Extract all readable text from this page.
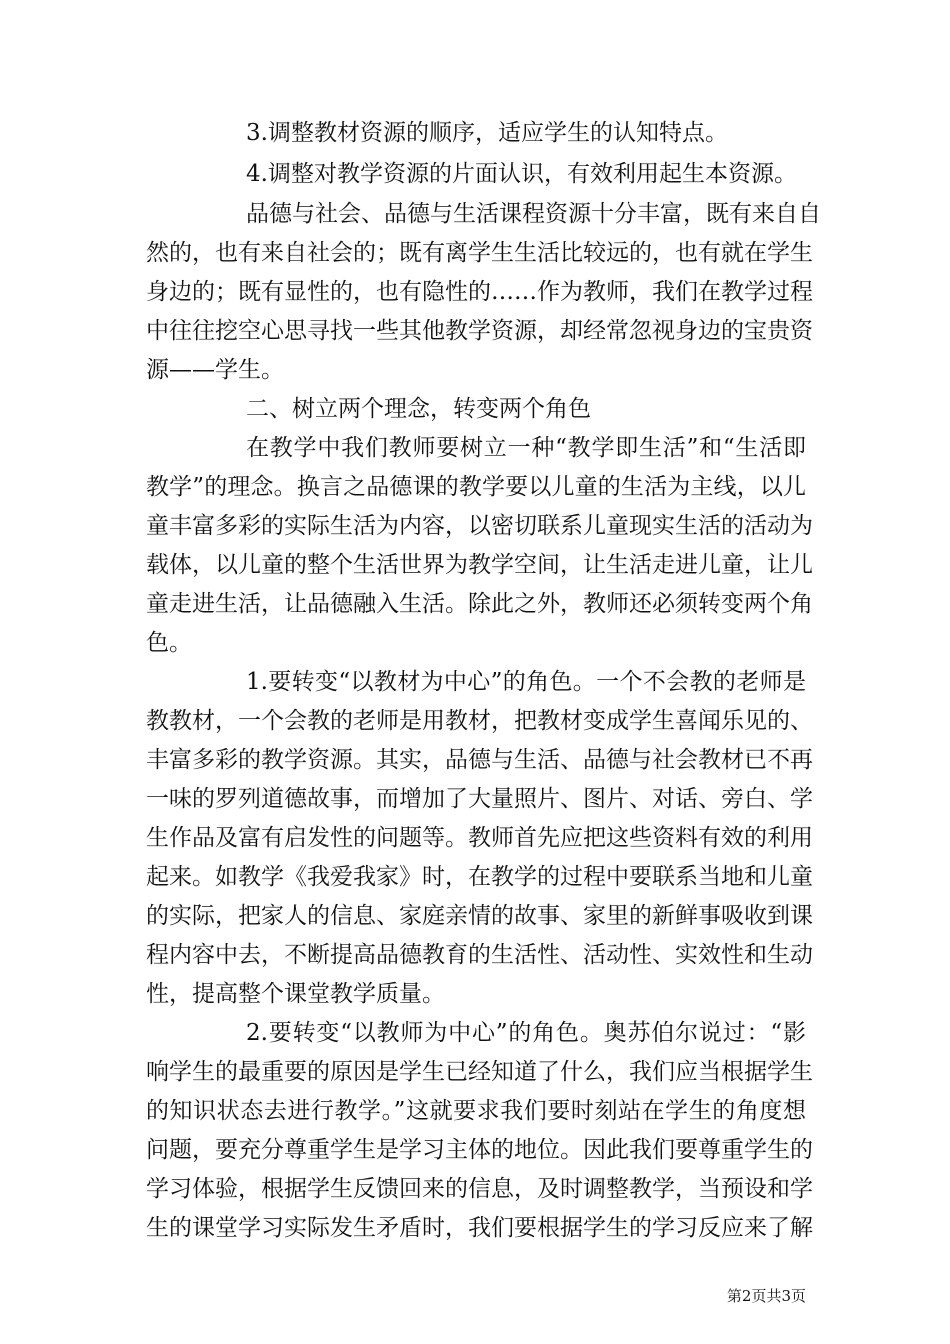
3.调整教材资源的顺序，适应学生的认知特点。
4.调整对教学资源的片面认识，有效利用起生本资源。
品德与社会、品德与生活课程资源十分丰富，既有来自自
然的，也有来自社会的；既有离学生生活比较远的，也有就在学生
身边的；既有显性的，也有隐性的……作为教师，我们在教学过程
中往往挖空心思寻找一些其他教学资源，却经常忽视身边的宝贵资
源——学生。
二、树立两个理念，转变两个角色
在教学中我们教师要树立一种“教学即生活”和“生活即
教学”的理念。换言之品德课的教学要以儿童的生活为主线，以儿
童丰富多彩的实际生活为内容，以密切联系儿童现实生活的活动为
载体，以儿童的整个生活世界为教学空间，让生活走进儿童，让儿
童走进生活，让品德融入生活。除此之外，教师还必须转变两个角
色。
1.要转变“以教材为中心”的角色。一个不会教的老师是
教教材，一个会教的老师是用教材，把教材变成学生喜闻乐见的、
丰富多彩的教学资源。其实，品德与生活、品德与社会教材已不再
一味的罗列道德故事，而增加了大量照片、图片、对话、旁白、学
生作品及富有启发性的问题等。教师首先应把这些资料有效的利用
起来。如教学《我爱我家》时，在教学的过程中要联系当地和儿童
的实际，把家人的信息、家庭亲情的故事、家里的新鲜事吸收到课
程内容中去，不断提高品德教育的生活性、活动性、实效性和生动
性，提高整个课堂教学质量。
2.要转变“以教师为中心”的角色。奥苏伯尔说过：“影
响学生的最重要的原因是学生已经知道了什么，我们应当根据学生
的知识状态去进行教学。”这就要求我们要时刻站在学生的角度想
问题，要充分尊重学生是学习主体的地位。因此我们要尊重学生的
学习体验，根据学生反馈回来的信息，及时调整教学，当预设和学
生的课堂学习实际发生矛盾时，我们要根据学生的学习反应来了解
第2页共3页
